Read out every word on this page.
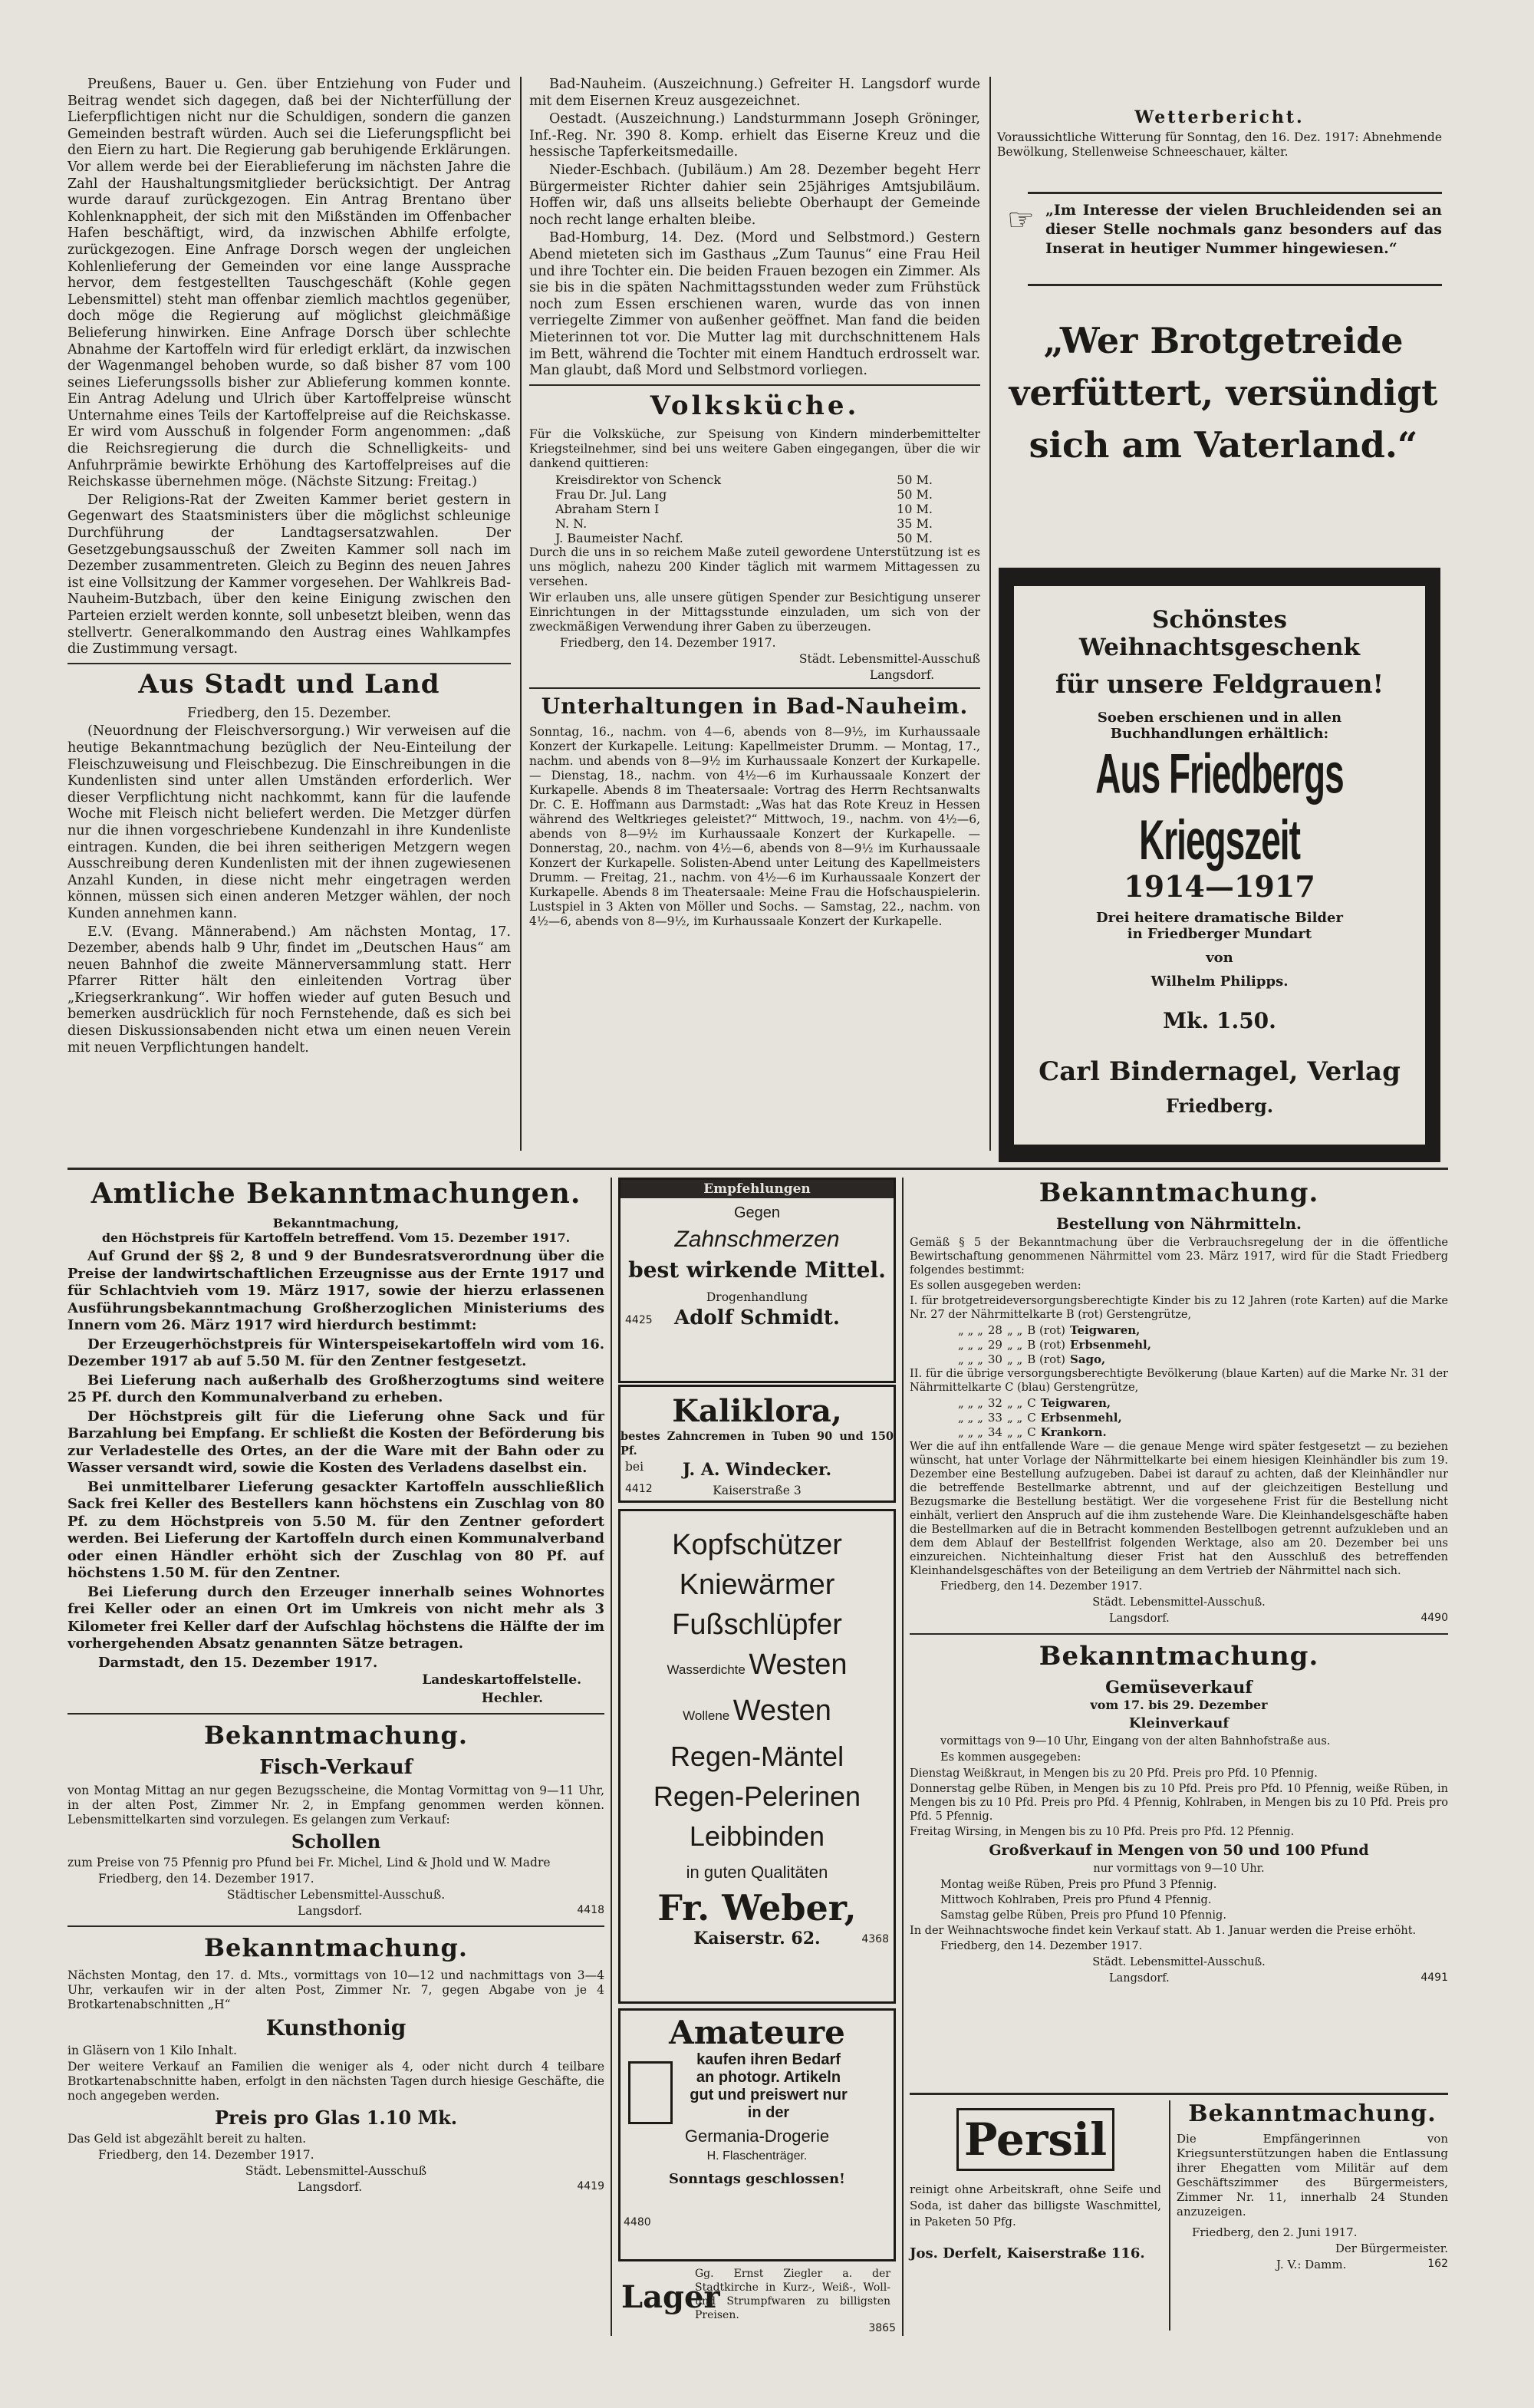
Preußens, Bauer u. Gen. über Entziehung von Fuder und Beitrag wendet sich dagegen, daß bei der Nichterfüllung der Lieferpflichtigen nicht nur die Schuldigen, sondern die ganzen Gemeinden bestraft würden. Auch sei die Lieferungspflicht bei den Eiern zu hart. Die Regierung gab beruhigende Erklärungen. Vor allem werde bei der Eierablieferung im nächsten Jahre die Zahl der Haushaltungsmitglieder berücksichtigt. Der Antrag wurde darauf zurückgezogen. Ein Antrag Brentano über Kohlenknappheit, der sich mit den Mißständen im Offenbacher Hafen beschäftigt, wird, da inzwischen Abhilfe erfolgte, zurückgezogen. Eine Anfrage Dorsch wegen der ungleichen Kohlenlieferung der Gemeinden vor eine lange Aussprache hervor, dem festgestellten Tauschgeschäft (Kohle gegen Lebensmittel) steht man offenbar ziemlich machtlos gegenüber, doch möge die Regierung auf möglichst gleichmäßige Belieferung hinwirken. Eine Anfrage Dorsch über schlechte Abnahme der Kartoffeln wird für erledigt erklärt, da inzwischen der Wagenmangel behoben wurde, so daß bisher 87 vom 100 seines Lieferungssolls bisher zur Ablieferung kommen konnte. Ein Antrag Adelung und Ulrich über Kartoffelpreise wünscht Unternahme eines Teils der Kartoffelpreise auf die Reichskasse. Er wird vom Ausschuß in folgender Form angenommen: „daß die Reichsregierung die durch die Schnelligkeits- und Anfuhrprämie bewirkte Erhöhung des Kartoffelpreises auf die Reichskasse übernehmen möge. (Nächste Sitzung: Freitag.)

Der Religions-Rat der Zweiten Kammer beriet gestern in Gegenwart des Staatsministers über die möglichst schleunige Durchführung der Landtagsersatzwahlen. Der Gesetzgebungsausschuß der Zweiten Kammer soll nach im Dezember zusammentreten. Gleich zu Beginn des neuen Jahres ist eine Vollsitzung der Kammer vorgesehen. Der Wahlkreis Bad-Nauheim-Butzbach, über den keine Einigung zwischen den Parteien erzielt werden konnte, soll unbesetzt bleiben, wenn das stellvertr. Generalkommando den Austrag eines Wahlkampfes die Zustimmung versagt.

Aus Stadt und Land

Friedberg, den 15. Dezember.

(Neuordnung der Fleischversorgung.) Wir verweisen auf die heutige Bekanntmachung bezüglich der Neu-Einteilung der Fleischzuweisung und Fleischbezug. Die Einschreibungen in die Kundenlisten sind unter allen Umständen erforderlich. Wer dieser Verpflichtung nicht nachkommt, kann für die laufende Woche mit Fleisch nicht beliefert werden. Die Metzger dürfen nur die ihnen vorgeschriebene Kundenzahl in ihre Kundenliste eintragen. Kunden, die bei ihren seitherigen Metzgern wegen Ausschreibung deren Kundenlisten mit der ihnen zugewiesenen Anzahl Kunden, in diese nicht mehr eingetragen werden können, müssen sich einen anderen Metzger wählen, der noch Kunden annehmen kann.

E.V. (Evang. Männerabend.) Am nächsten Montag, 17. Dezember, abends halb 9 Uhr, findet im „Deutschen Haus“ am neuen Bahnhof die zweite Männerversammlung statt. Herr Pfarrer Ritter hält den einleitenden Vortrag über „Kriegserkrankung“. Wir hoffen wieder auf guten Besuch und bemerken ausdrücklich für noch Fernstehende, daß es sich bei diesen Diskussionsabenden nicht etwa um einen neuen Verein mit neuen Verpflichtungen handelt.

Bad-Nauheim. (Auszeichnung.) Gefreiter H. Langsdorf wurde mit dem Eisernen Kreuz ausgezeichnet.

Oestadt. (Auszeichnung.) Landsturmmann Joseph Gröninger, Inf.-Reg. Nr. 390 8. Komp. erhielt das Eiserne Kreuz und die hessische Tapferkeitsmedaille.

Nieder-Eschbach. (Jubiläum.) Am 28. Dezember begeht Herr Bürgermeister Richter dahier sein 25jähriges Amtsjubiläum. Hoffen wir, daß uns allseits beliebte Oberhaupt der Gemeinde noch recht lange erhalten bleibe.

Bad-Homburg, 14. Dez. (Mord und Selbstmord.) Gestern Abend mieteten sich im Gasthaus „Zum Taunus“ eine Frau Heil und ihre Tochter ein. Die beiden Frauen bezogen ein Zimmer. Als sie bis in die späten Nachmittagsstunden weder zum Frühstück noch zum Essen erschienen waren, wurde das von innen verriegelte Zimmer von außenher geöffnet. Man fand die beiden Mieterinnen tot vor. Die Mutter lag mit durchschnittenem Hals im Bett, während die Tochter mit einem Handtuch erdrosselt war. Man glaubt, daß Mord und Selbstmord vorliegen.

Volksküche.

Für die Volksküche, zur Speisung von Kindern minderbemittelter Kriegsteilnehmer, sind bei uns weitere Gaben eingegangen, über die wir dankend quittieren:

Kreisdirektor von Schenck	50 M.
Frau Dr. Jul. Lang	50 M.
Abraham Stern I	10 M.
N. N.	35 M.
J. Baumeister Nachf.	50 M.

Durch die uns in so reichem Maße zuteil gewordene Unterstützung ist es uns möglich, nahezu 200 Kinder täglich mit warmem Mittagessen zu versehen.

Wir erlauben uns, alle unsere gütigen Spender zur Besichtigung unserer Einrichtungen in der Mittagsstunde einzuladen, um sich von der zweckmäßigen Verwendung ihrer Gaben zu überzeugen.

Friedberg, den 14. Dezember 1917.

Städt. Lebensmittel-Ausschuß

Langsdorf.

Unterhaltungen in Bad-Nauheim.

Sonntag, 16., nachm. von 4—6, abends von 8—9½, im Kurhaussaale Konzert der Kurkapelle. Leitung: Kapellmeister Drumm. — Montag, 17., nachm. und abends von 8—9½ im Kurhaussaale Konzert der Kurkapelle. — Dienstag, 18., nachm. von 4½—6 im Kurhaussaale Konzert der Kurkapelle. Abends 8 im Theatersaale: Vortrag des Herrn Rechtsanwalts Dr. C. E. Hoffmann aus Darmstadt: „Was hat das Rote Kreuz in Hessen während des Weltkrieges geleistet?“ Mittwoch, 19., nachm. von 4½—6, abends von 8—9½ im Kurhaussaale Konzert der Kurkapelle. — Donnerstag, 20., nachm. von 4½—6, abends von 8—9½ im Kurhaussaale Konzert der Kurkapelle. Solisten-Abend unter Leitung des Kapellmeisters Drumm. — Freitag, 21., nachm. von 4½—6 im Kurhaussaale Konzert der Kurkapelle. Abends 8 im Theatersaale: Meine Frau die Hofschauspielerin. Lustspiel in 3 Akten von Möller und Sochs. — Samstag, 22., nachm. von 4½—6, abends von 8—9½, im Kurhaussaale Konzert der Kurkapelle.

Wetterbericht.

Voraussichtliche Witterung für Sonntag, den 16. Dez. 1917: Abnehmende Bewölkung, Stellenweise Schneeschauer, kälter.

☞ „Im Interesse der vielen Bruchleidenden sei an dieser Stelle nochmals ganz besonders auf das Inserat in heutiger Nummer hingewiesen.“

„Wer Brotgetreide verfüttert, versündigt sich am Vaterland.“
Schönstes Weihnachtsgeschenk
für unsere Feldgrauen!
Soeben erschienen und in allen Buchhandlungen erhältlich:
Aus Friedbergs Kriegszeit
1914—1917
Drei heitere dramatische Bilder
in Friedberger Mundart
von
Wilhelm Philipps.
Mk. 1.50.
Carl Bindernagel, Verlag
Friedberg.
Amtliche Bekanntmachungen.
Bekanntmachung,
den Höchstpreis für Kartoffeln betreffend. Vom 15. Dezember 1917.

Auf Grund der §§ 2, 8 und 9 der Bundesratsverordnung über die Preise der landwirtschaftlichen Erzeugnisse aus der Ernte 1917 und für Schlachtvieh vom 19. März 1917, sowie der hierzu erlassenen Ausführungsbekanntmachung Großherzoglichen Ministeriums des Innern vom 26. März 1917 wird hierdurch bestimmt:

Der Erzeugerhöchstpreis für Winterspeisekartoffeln wird vom 16. Dezember 1917 ab auf 5.50 M. für den Zentner festgesetzt.

Bei Lieferung nach außerhalb des Großherzogtums sind weitere 25 Pf. durch den Kommunalverband zu erheben.

Der Höchstpreis gilt für die Lieferung ohne Sack und für Barzahlung bei Empfang. Er schließt die Kosten der Beförderung bis zur Verladestelle des Ortes, an der die Ware mit der Bahn oder zu Wasser versandt wird, sowie die Kosten des Verladens daselbst ein.

Bei unmittelbarer Lieferung gesackter Kartoffeln ausschließlich Sack frei Keller des Bestellers kann höchstens ein Zuschlag von 80 Pf. zu dem Höchstpreis von 5.50 M. für den Zentner gefordert werden. Bei Lieferung der Kartoffeln durch einen Kommunalverband oder einen Händler erhöht sich der Zuschlag von 80 Pf. auf höchstens 1.50 M. für den Zentner.

Bei Lieferung durch den Erzeuger innerhalb seines Wohnortes frei Keller oder an einen Ort im Umkreis von nicht mehr als 3 Kilometer frei Keller darf der Aufschlag höchstens die Hälfte der im vorhergehenden Absatz genannten Sätze betragen.

Darmstadt, den 15. Dezember 1917.

Landeskartoffelstelle.

Hechler.

Bekanntmachung.
Fisch-Verkauf

von Montag Mittag an nur gegen Bezugsscheine, die Montag Vormittag von 9—11 Uhr, in der alten Post, Zimmer Nr. 2, in Empfang genommen werden können. Lebensmittelkarten sind vorzulegen. Es gelangen zum Verkauf:

Schollen

zum Preise von 75 Pfennig pro Pfund bei Fr. Michel, Lind & Jhold und W. Madre

Friedberg, den 14. Dezember 1917.

Städtischer Lebensmittel-Ausschuß.

Langsdorf.	4418
Bekanntmachung.

Nächsten Montag, den 17. d. Mts., vormittags von 10—12 und nachmittags von 3—4 Uhr, verkaufen wir in der alten Post, Zimmer Nr. 7, gegen Abgabe von je 4 Brotkartenabschnitten „H“

Kunsthonig

in Gläsern von 1 Kilo Inhalt.

Der weitere Verkauf an Familien die weniger als 4, oder nicht durch 4 teilbare Brotkartenabschnitte haben, erfolgt in den nächsten Tagen durch hiesige Geschäfte, die noch angegeben werden.

Preis pro Glas 1.10 Mk.

Das Geld ist abgezählt bereit zu halten.

Friedberg, den 14. Dezember 1917.

Städt. Lebensmittel-Ausschuß

Langsdorf.	4419
Empfehlungen
Gegen
Zahnschmerzen
best wirkende Mittel.
Drogenhandlung
4425 Adolf Schmidt.
Kaliklora,
bestes Zahncremen in Tuben 90 und 150 Pf.
bei J. A. Windecker.
4412	Kaiserstraße 3
Kopfschützer
Kniewärmer
Fußschlüpfer
Wasserdichte Westen
Wollene Westen
Regen-Mäntel
Regen-Pelerinen
Leibbinden
in guten Qualitäten
Fr. Weber,
Kaiserstr. 62.	4368
Amateure
kaufen ihren Bedarf
an photogr. Artikeln
gut und preiswert nur
in der
Germania-Drogerie
H. Flaschenträger.
Sonntags geschlossen!
4480
Lager

Gg. Ernst Ziegler a. der Stadtkirche in Kurz-, Weiß-, Woll- und Strumpfwaren zu billigsten Preisen.

3865
Bekanntmachung.
Bestellung von Nährmitteln.

Gemäß § 5 der Bekanntmachung über die Verbrauchsregelung der in die öffentliche Bewirtschaftung genommenen Nährmittel vom 23. März 1917, wird für die Stadt Friedberg folgendes bestimmt:

Es sollen ausgegeben werden:

I. für brotgetreideversorgungsberechtigte Kinder bis zu 12 Jahren (rote Karten) auf die Marke Nr. 27 der Nährmittelkarte B (rot) Gerstengrütze,

„ „ „	28	„ „	B (rot)	Teigwaren,
„ „ „	29	„ „	B (rot)	Erbsenmehl,
„ „ „	30	„ „	B (rot)	Sago,

II. für die übrige versorgungsberechtigte Bevölkerung (blaue Karten) auf die Marke Nr. 31 der Nährmittelkarte C (blau) Gerstengrütze,

„ „ „	32	„ „	C	Teigwaren,
„ „ „	33	„ „	C	Erbsenmehl,
„ „ „	34	„ „	C	Krankorn.

Wer die auf ihn entfallende Ware — die genaue Menge wird später festgesetzt — zu beziehen wünscht, hat unter Vorlage der Nährmittelkarte bei einem hiesigen Kleinhändler bis zum 19. Dezember eine Bestellung aufzugeben. Dabei ist darauf zu achten, daß der Kleinhändler nur die betreffende Bestellmarke abtrennt, und auf der gleichzeitigen Bestellung und Bezugsmarke die Bestellung bestätigt. Wer die vorgesehene Frist für die Bestellung nicht einhält, verliert den Anspruch auf die ihm zustehende Ware. Die Kleinhandelsgeschäfte haben die Bestellmarken auf die in Betracht kommenden Bestellbogen getrennt aufzukleben und an dem dem Ablauf der Bestellfrist folgenden Werktage, also am 20. Dezember bei uns einzureichen. Nichteinhaltung dieser Frist hat den Ausschluß des betreffenden Kleinhandelsgeschäftes von der Beteiligung an dem Vertrieb der Nährmittel nach sich.

Friedberg, den 14. Dezember 1917.

Städt. Lebensmittel-Ausschuß.

Langsdorf.	4490
Bekanntmachung.
Gemüseverkauf
vom 17. bis 29. Dezember
Kleinverkauf

vormittags von 9—10 Uhr, Eingang von der alten Bahnhofstraße aus.

Es kommen ausgegeben:

Dienstag Weißkraut, in Mengen bis zu 20 Pfd. Preis pro Pfd. 10 Pfennig.

Donnerstag gelbe Rüben, in Mengen bis zu 10 Pfd. Preis pro Pfd. 10 Pfennig, weiße Rüben, in Mengen bis zu 10 Pfd. Preis pro Pfd. 4 Pfennig, Kohlraben, in Mengen bis zu 10 Pfd. Preis pro Pfd. 5 Pfennig.

Freitag Wirsing, in Mengen bis zu 10 Pfd. Preis pro Pfd. 12 Pfennig.

Großverkauf in Mengen von 50 und 100 Pfund

nur vormittags von 9—10 Uhr.

Montag weiße Rüben, Preis pro Pfund 3 Pfennig.

Mittwoch Kohlraben, Preis pro Pfund 4 Pfennig.

Samstag gelbe Rüben, Preis pro Pfund 10 Pfennig.

In der Weihnachtswoche findet kein Verkauf statt. Ab 1. Januar werden die Preise erhöht.

Friedberg, den 14. Dezember 1917.

Städt. Lebensmittel-Ausschuß.

Langsdorf.	4491
Persil

reinigt ohne Arbeitskraft, ohne Seife und Soda, ist daher das billigste Waschmittel, in Paketen 50 Pfg.

Jos. Derfelt, Kaiserstraße 116.

Bekanntmachung.

Die Empfängerinnen von Kriegsunterstützungen haben die Entlassung ihrer Ehegatten vom Militär auf dem Geschäftszimmer des Bürgermeisters, Zimmer Nr. 11, innerhalb 24 Stunden anzuzeigen.

Friedberg, den 2. Juni 1917.

Der Bürgermeister.

J. V.: Damm.	162
